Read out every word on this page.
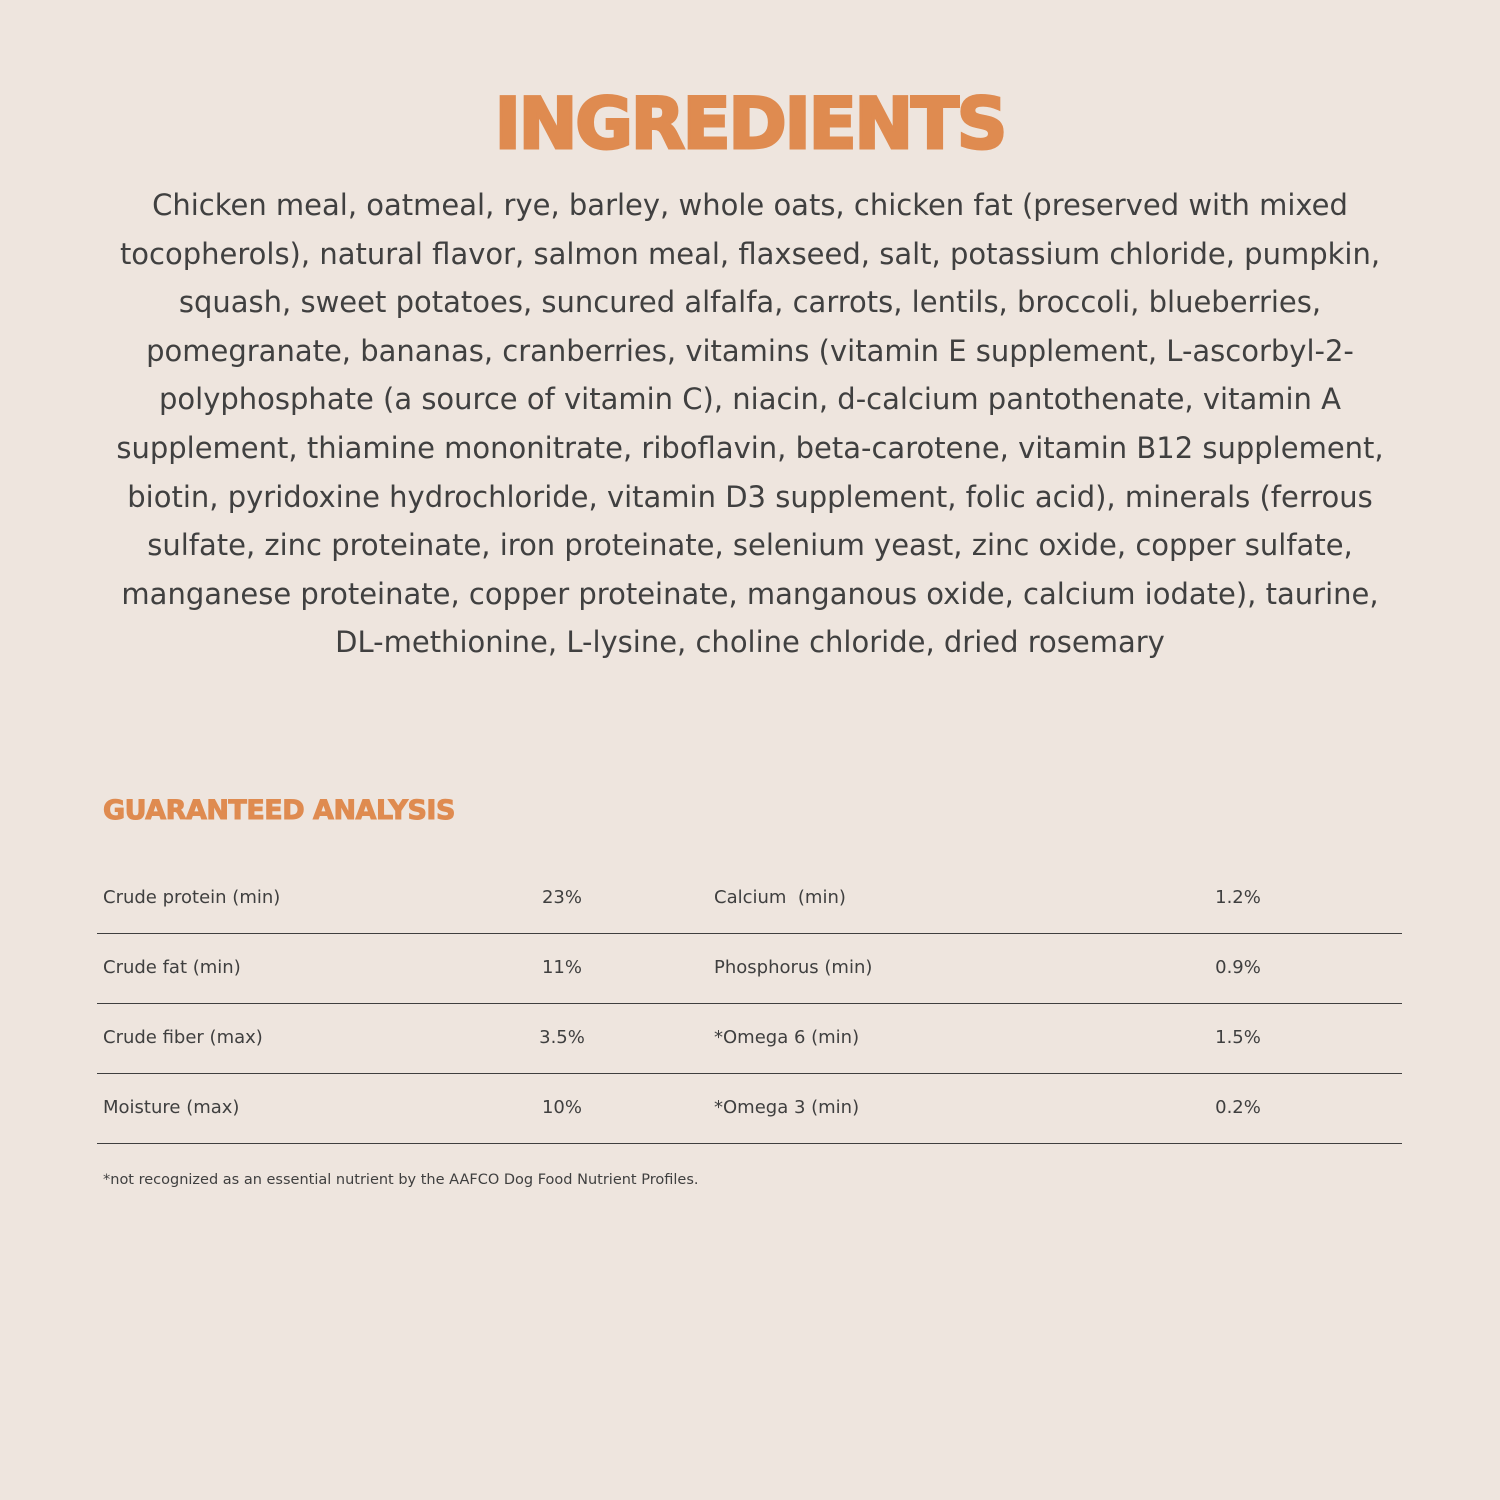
INGREDIENTS

Chicken meal, oatmeal, rye, barley, whole oats, chicken fat (preserved with mixed tocopherols), natural flavor, salmon meal, flaxseed, salt, potassium chloride, pumpkin, squash, sweet potatoes, suncured alfalfa, carrots, lentils, broccoli, blueberries, pomegranate, bananas, cranberries, vitamins (vitamin E supplement, L-ascorbyl-2-polyphosphate (a source of vitamin C), niacin, d-calcium pantothenate, vitamin A supplement, thiamine mononitrate, riboflavin, beta-carotene, vitamin B12 supplement, biotin, pyridoxine hydrochloride, vitamin D3 supplement, folic acid), minerals (ferrous sulfate, zinc proteinate, iron proteinate, selenium yeast, zinc oxide, copper sulfate, manganese proteinate, copper proteinate, manganous oxide, calcium iodate), taurine, DL-methionine, L-lysine, choline chloride, dried rosemary

GUARANTEED ANALYSIS
Crude protein (min)	23%	Calcium  (min)	1.2%
Crude fat (min)	11%	Phosphorus (min)	0.9%
Crude fiber (max)	3.5%	*Omega 6 (min)	1.5%
Moisture (max)	10%	*Omega 3 (min)	0.2%
*not recognized as an essential nutrient by the AAFCO Dog Food Nutrient Profiles.
